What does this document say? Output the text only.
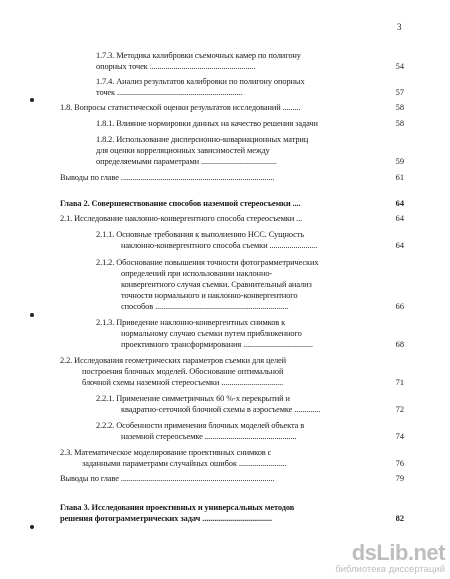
3
1.7.3. Методика калибровки съемочных камер по полигону
опорных точек .....................................................	54
1.7.4. Анализ результатов калибровки по полигону опорных
точек ...............................................................	57
1.8. Вопросы статистической оценки результатов исследований .........	58
1.8.1. Влияние нормировки данных на качество решения задачи	58
1.8.2. Использование дисперсионно-ковариационных матриц
для оценки корреляционных зависимостей между
определяемыми параметрами ......................................	59
Выводы по главе .............................................................................	61
Глава 2. Совершенствование способов наземной стереосъемки ....	64
2.1. Исследование наклонно-конвергентного способа стереосъемки ...	64
2.1.1. Основные требования к выполнению НСС. Сущность
наклонно-конвергентного способа съемки ........................	64
2.1.2. Обоснование повышения точности фотограмметрических
определений при использовании наклонно-
конвергентного случая съемки. Сравнительный анализ
точности нормального и наклонно-конвергентного
способов ...................................................................	66
2.1.3. Приведение наклонно-конвергентных снимков к
нормальному случаю съемки путем приближенного
проективного трансформирования ...................................	68
2.2. Исследования геометрических параметров съемки для целей
построения блочных моделей. Обоснование оптимальной
блочной схемы наземной стереосъемки ...............................	71
2.2.1. Применение симметричных 60 %-х перекрытий и
квадратно-сеточной блочной схемы в аэросъемке .............	72
2.2.2. Особенности применения блочных моделей объекта в
наземной стереосъемке ..............................................	74
2.3. Математическое моделирование проективных снимков с
заданными параметрами случайных ошибок ........................	76
Выводы по главе .............................................................................	79
Глава 3. Исследования проективных и универсальных методов
решения фотограмметрических задач ...................................	82
dsLib.net
библиотека диссертаций
